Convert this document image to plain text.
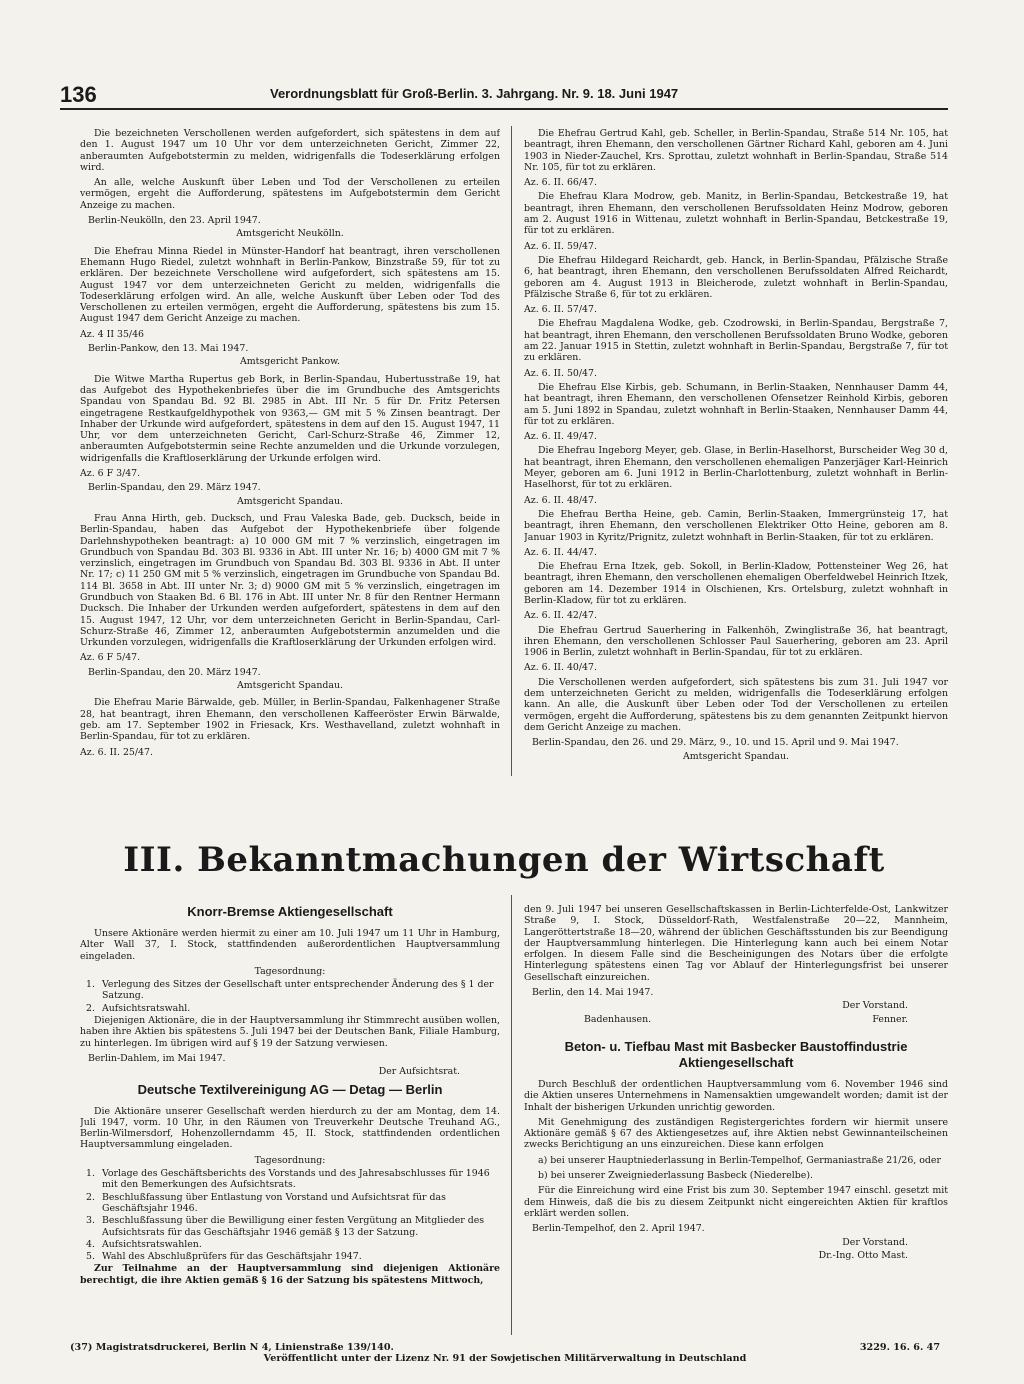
136	Verordnungsblatt für Groß-Berlin. 3. Jahrgang. Nr. 9. 18. Juni 1947

Die bezeichneten Verschollenen werden aufgefordert, sich spätestens in dem auf den 1. August 1947 um 10 Uhr vor dem unterzeichneten Gericht, Zimmer 22, anberaumten Aufgebotstermin zu melden, widrigenfalls die Todeserklärung erfolgen wird.

An alle, welche Auskunft über Leben und Tod der Verschollenen zu erteilen vermögen, ergeht die Aufforderung, spätestens im Aufgebotstermin dem Gericht Anzeige zu machen.

Berlin-Neukölln, den 23. April 1947.
Amtsgericht Neukölln.

Die Ehefrau Minna Riedel in Münster-Handorf hat beantragt, ihren verschollenen Ehemann Hugo Riedel, zuletzt wohnhaft in Berlin-Pankow, Binzstraße 59, für tot zu erklären. Der bezeichnete Verschollene wird aufgefordert, sich spätestens am 15. August 1947 vor dem unterzeichneten Gericht zu melden, widrigenfalls die Todeserklärung erfolgen wird. An alle, welche Auskunft über Leben oder Tod des Verschollenen zu erteilen vermögen, ergeht die Aufforderung, spätestens bis zum 15. August 1947 dem Gericht Anzeige zu machen.

Az. 4 II 35/46
Berlin-Pankow, den 13. Mai 1947.
Amtsgericht Pankow.

Die Witwe Martha Rupertus geb Bork, in Berlin-Spandau, Hubertusstraße 19, hat das Aufgebot des Hypothekenbriefes über die im Grundbuche des Amtsgerichts Spandau von Spandau Bd. 92 Bl. 2985 in Abt. III Nr. 5 für Dr. Fritz Petersen eingetragene Restkaufgeldhypothek von 9363,— GM mit 5 % Zinsen beantragt. Der Inhaber der Urkunde wird aufgefordert, spätestens in dem auf den 15. August 1947, 11 Uhr, vor dem unterzeichneten Gericht, Carl-Schurz-Straße 46, Zimmer 12, anberaumten Aufgebotstermin seine Rechte anzumelden und die Urkunde vorzulegen, widrigenfalls die Kraftloserklärung der Urkunde erfolgen wird.

Az. 6 F 3/47.
Berlin-Spandau, den 29. März 1947.
Amtsgericht Spandau.

Frau Anna Hirth, geb. Ducksch, und Frau Valeska Bade, geb. Ducksch, beide in Berlin-Spandau, haben das Aufgebot der Hypothekenbriefe über folgende Darlehnshypotheken beantragt: a) 10 000 GM mit 7 % verzinslich, eingetragen im Grundbuch von Spandau Bd. 303 Bl. 9336 in Abt. III unter Nr. 16; b) 4000 GM mit 7 % verzinslich, eingetragen im Grundbuch von Spandau Bd. 303 Bl. 9336 in Abt. II unter Nr. 17; c) 11 250 GM mit 5 % verzinslich, eingetragen im Grundbuche von Spandau Bd. 114 Bl. 3658 in Abt. III unter Nr. 3; d) 9000 GM mit 5 % verzinslich, eingetragen im Grundbuch von Staaken Bd. 6 Bl. 176 in Abt. III unter Nr. 8 für den Rentner Hermann Ducksch. Die Inhaber der Urkunden werden aufgefordert, spätestens in dem auf den 15. August 1947, 12 Uhr, vor dem unterzeichneten Gericht in Berlin-Spandau, Carl-Schurz-Straße 46, Zimmer 12, anberaumten Aufgebotstermin anzumelden und die Urkunden vorzulegen, widrigenfalls die Kraftloserklärung der Urkunden erfolgen wird.

Az. 6 F 5/47.
Berlin-Spandau, den 20. März 1947.
Amtsgericht Spandau.

Die Ehefrau Marie Bärwalde, geb. Müller, in Berlin-Spandau, Falkenhagener Straße 28, hat beantragt, ihren Ehemann, den verschollenen Kaffeeröster Erwin Bärwalde, geb. am 17. September 1902 in Friesack, Krs. Westhavelland, zuletzt wohnhaft in Berlin-Spandau, für tot zu erklären.

Az. 6. II. 25/47.

Die Ehefrau Gertrud Kahl, geb. Scheller, in Berlin-Spandau, Straße 514 Nr. 105, hat beantragt, ihren Ehemann, den verschollenen Gärtner Richard Kahl, geboren am 4. Juni 1903 in Nieder-Zauchel, Krs. Sprottau, zuletzt wohnhaft in Berlin-Spandau, Straße 514 Nr. 105, für tot zu erklären.

Az. 6. II. 66/47.

Die Ehefrau Klara Modrow, geb. Manitz, in Berlin-Spandau, Betckestraße 19, hat beantragt, ihren Ehemann, den verschollenen Berufssoldaten Heinz Modrow, geboren am 2. August 1916 in Wittenau, zuletzt wohnhaft in Berlin-Spandau, Betckestraße 19, für tot zu erklären.

Az. 6. II. 59/47.

Die Ehefrau Hildegard Reichardt, geb. Hanck, in Berlin-Spandau, Pfälzische Straße 6, hat beantragt, ihren Ehemann, den verschollenen Berufssoldaten Alfred Reichardt, geboren am 4. August 1913 in Bleicherode, zuletzt wohnhaft in Berlin-Spandau, Pfälzische Straße 6, für tot zu erklären.

Az. 6. II. 57/47.

Die Ehefrau Magdalena Wodke, geb. Czodrowski, in Berlin-Spandau, Bergstraße 7, hat beantragt, ihren Ehemann, den verschollenen Berufssoldaten Bruno Wodke, geboren am 22. Januar 1915 in Stettin, zuletzt wohnhaft in Berlin-Spandau, Bergstraße 7, für tot zu erklären.

Az. 6. II. 50/47.

Die Ehefrau Else Kirbis, geb. Schumann, in Berlin-Staaken, Nennhauser Damm 44, hat beantragt, ihren Ehemann, den verschollenen Ofensetzer Reinhold Kirbis, geboren am 5. Juni 1892 in Spandau, zuletzt wohnhaft in Berlin-Staaken, Nennhauser Damm 44, für tot zu erklären.

Az. 6. II. 49/47.

Die Ehefrau Ingeborg Meyer, geb. Glase, in Berlin-Haselhorst, Burscheider Weg 30 d, hat beantragt, ihren Ehemann, den verschollenen ehemaligen Panzerjäger Karl-Heinrich Meyer, geboren am 6. Juni 1912 in Berlin-Charlottenburg, zuletzt wohnhaft in Berlin-Haselhorst, für tot zu erklären.

Az. 6. II. 48/47.

Die Ehefrau Bertha Heine, geb. Camin, Berlin-Staaken, Immergrünsteig 17, hat beantragt, ihren Ehemann, den verschollenen Elektriker Otto Heine, geboren am 8. Januar 1903 in Kyritz/Prignitz, zuletzt wohnhaft in Berlin-Staaken, für tot zu erklären.

Az. 6. II. 44/47.

Die Ehefrau Erna Itzek, geb. Sokoll, in Berlin-Kladow, Pottensteiner Weg 26, hat beantragt, ihren Ehemann, den verschollenen ehemaligen Oberfeldwebel Heinrich Itzek, geboren am 14. Dezember 1914 in Olschienen, Krs. Ortelsburg, zuletzt wohnhaft in Berlin-Kladow, für tot zu erklären.

Az. 6. II. 42/47.

Die Ehefrau Gertrud Sauerhering in Falkenhöh, Zwinglistraße 36, hat beantragt, ihren Ehemann, den verschollenen Schlosser Paul Sauerhering, geboren am 23. April 1906 in Berlin, zuletzt wohnhaft in Berlin-Spandau, für tot zu erklären.

Az. 6. II. 40/47.

Die Verschollenen werden aufgefordert, sich spätestens bis zum 31. Juli 1947 vor dem unterzeichneten Gericht zu melden, widrigenfalls die Todeserklärung erfolgen kann. An alle, die Auskunft über Leben oder Tod der Verschollenen zu erteilen vermögen, ergeht die Aufforderung, spätestens bis zu dem genannten Zeitpunkt hiervon dem Gericht Anzeige zu machen.

Berlin-Spandau, den 26. und 29. März, 9., 10. und 15. April und 9. Mai 1947.
Amtsgericht Spandau.
III. Bekanntmachungen der Wirtschaft
Knorr-Bremse Aktiengesellschaft

Unsere Aktionäre werden hiermit zu einer am 10. Juli 1947 um 11 Uhr in Hamburg, Alter Wall 37, I. Stock, stattfindenden außerordentlichen Hauptversammlung eingeladen.

Tagesordnung:
1. Verlegung des Sitzes der Gesellschaft unter entsprechender Änderung des § 1 der Satzung.
2. Aufsichtsratswahl.

Diejenigen Aktionäre, die in der Hauptversammlung ihr Stimmrecht ausüben wollen, haben ihre Aktien bis spätestens 5. Juli 1947 bei der Deutschen Bank, Filiale Hamburg, zu hinterlegen. Im übrigen wird auf § 19 der Satzung verwiesen.

Berlin-Dahlem, im Mai 1947.
Der Aufsichtsrat.
Deutsche Textilvereinigung AG — Detag — Berlin

Die Aktionäre unserer Gesellschaft werden hierdurch zu der am Montag, dem 14. Juli 1947, vorm. 10 Uhr, in den Räumen von Treuverkehr Deutsche Treuhand AG., Berlin-Wilmersdorf, Hohenzollerndamm 45, II. Stock, stattfindenden ordentlichen Hauptversammlung eingeladen.

Tagesordnung:
1. Vorlage des Geschäftsberichts des Vorstands und des Jahresabschlusses für 1946 mit den Bemerkungen des Aufsichtsrats.
2. Beschlußfassung über Entlastung von Vorstand und Aufsichtsrat für das Geschäftsjahr 1946.
3. Beschlußfassung über die Bewilligung einer festen Vergütung an Mitglieder des Aufsichtsrats für das Geschäftsjahr 1946 gemäß § 13 der Satzung.
4. Aufsichtsratswahlen.
5. Wahl des Abschlußprüfers für das Geschäftsjahr 1947.

Zur Teilnahme an der Hauptversammlung sind diejenigen Aktionäre berechtigt, die ihre Aktien gemäß § 16 der Satzung bis spätestens Mittwoch,

den 9. Juli 1947 bei unseren Gesellschaftskassen in Berlin-Lichterfelde-Ost, Lankwitzer Straße 9, I. Stock, Düsseldorf-Rath, Westfalenstraße 20—22, Mannheim, Langeröttertstraße 18—20, während der üblichen Geschäftsstunden bis zur Beendigung der Hauptversammlung hinterlegen. Die Hinterlegung kann auch bei einem Notar erfolgen. In diesem Falle sind die Bescheinigungen des Notars über die erfolgte Hinterlegung spätestens einen Tag vor Ablauf der Hinterlegungsfrist bei unserer Gesellschaft einzureichen.

Berlin, den 14. Mai 1947.
Der Vorstand.
Badenhausen.	Fenner.
Beton- u. Tiefbau Mast mit Basbecker Baustoffindustrie Aktiengesellschaft

Durch Beschluß der ordentlichen Hauptversammlung vom 6. November 1946 sind die Aktien unseres Unternehmens in Namensaktien umgewandelt worden; damit ist der Inhalt der bisherigen Urkunden unrichtig geworden.

Mit Genehmigung des zuständigen Registergerichtes fordern wir hiermit unsere Aktionäre gemäß § 67 des Aktiengesetzes auf, ihre Aktien nebst Gewinnanteilscheinen zwecks Berichtigung an uns einzureichen. Diese kann erfolgen

a) bei unserer Hauptniederlassung in Berlin-Tempelhof, Germaniastraße 21/26, oder

b) bei unserer Zweigniederlassung Basbeck (Niederelbe).

Für die Einreichung wird eine Frist bis zum 30. September 1947 einschl. gesetzt mit dem Hinweis, daß die bis zu diesem Zeitpunkt nicht eingereichten Aktien für kraftlos erklärt werden sollen.

Berlin-Tempelhof, den 2. April 1947.
Der Vorstand.
Dr.-Ing. Otto Mast.
(37) Magistratsdruckerei, Berlin N 4, Linienstraße 139/140.	3229. 16. 6. 47
Veröffentlicht unter der Lizenz Nr. 91 der Sowjetischen Militärverwaltung in Deutschland
